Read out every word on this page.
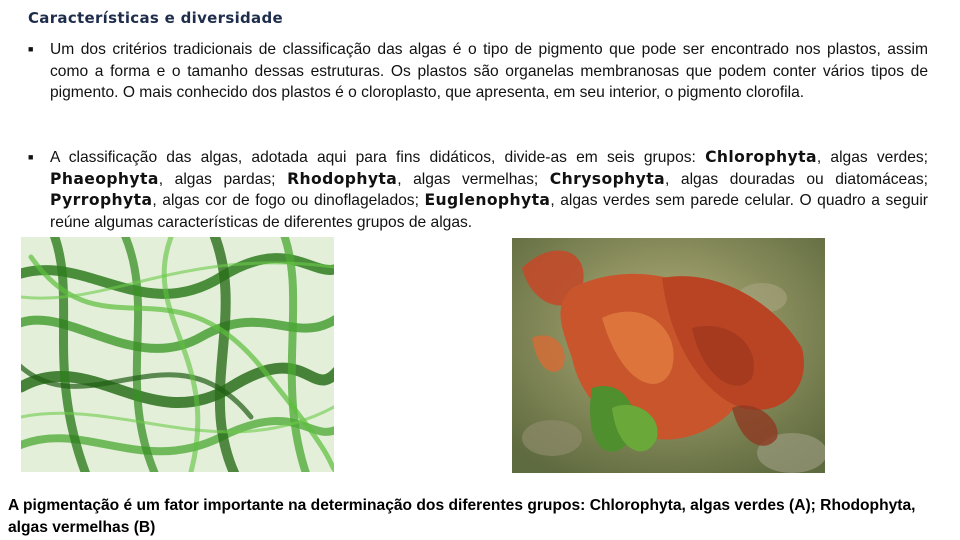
Características e diversidade
■	Um dos critérios tradicionais de classificação das algas é o tipo de pigmento que pode ser encontrado nos plastos, assim como a forma e o tamanho dessas estruturas. Os plastos são organelas membranosas que podem conter vários tipos de pigmento. O mais conhecido dos plastos é o cloroplasto, que apresenta, em seu interior, o pigmento clorofila.
■	A classificação das algas, adotada aqui para fins didáticos, divide-as em seis grupos: Chlorophyta, algas verdes; Phaeophyta, algas pardas; Rhodophyta, algas vermelhas; Chrysophyta, algas douradas ou diatomáceas; Pyrrophyta, algas cor de fogo ou dinoflagelados; Euglenophyta, algas verdes sem parede celular. O quadro a seguir reúne algumas características de diferentes grupos de algas.
A pigmentação é um fator importante na determinação dos diferentes grupos: Chlorophyta, algas verdes (A); Rhodophyta, algas vermelhas (B)
